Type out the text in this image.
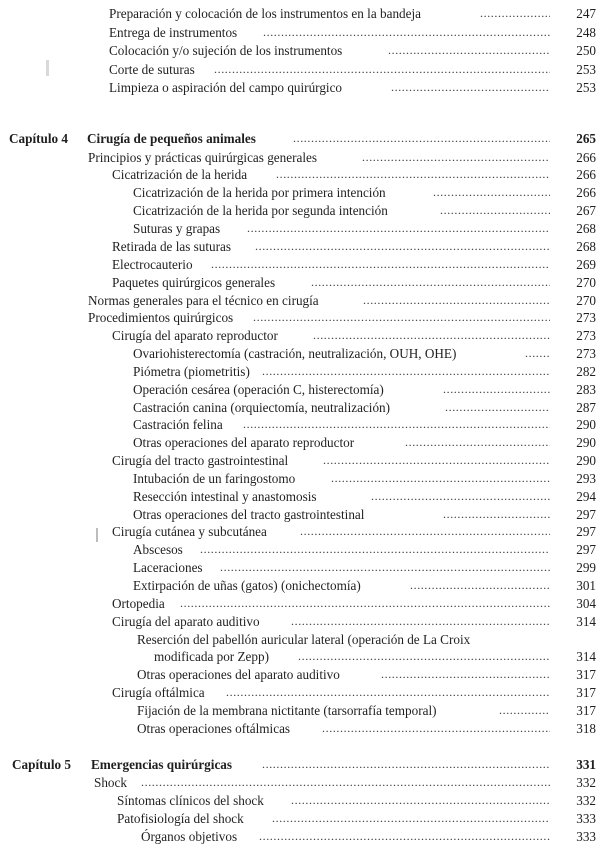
Preparación y colocación de los instrumentos en la bandeja .....	247
Entrega de instrumentos .....	248
Colocación y/o sujeción de los instrumentos .....	250
Corte de suturas .....	253
Limpieza o aspiración del campo quirúrgico .....	253
Capítulo 4 Cirugía de pequeños animales .....	265
Principios y prácticas quirúrgicas generales .....	266
Cicatrización de la herida .....	266
Cicatrización de la herida por primera intención .....	266
Cicatrización de la herida por segunda intención .....	267
Suturas y grapas .....	268
Retirada de las suturas .....	268
Electrocauterio .....	269
Paquetes quirúrgicos generales .....	270
Normas generales para el técnico en cirugía .....	270
Procedimientos quirúrgicos .....	273
Cirugía del aparato reproductor .....	273
Ovariohisterectomía (castración, neutralización, OUH, OHE) .....	273
Piómetra (piometritis) .....	282
Operación cesárea (operación C, histerectomía) .....	283
Castración canina (orquiectomía, neutralización) .....	287
Castración felina .....	290
Otras operaciones del aparato reproductor .....	290
Cirugía del tracto gastrointestinal .....	290
Intubación de un faringostomo .....	293
Resección intestinal y anastomosis .....	294
Otras operaciones del tracto gastrointestinal .....	297
Cirugía cutánea y subcutánea .....	297
Abscesos .....	297
Laceraciones .....	299
Extirpación de uñas (gatos) (onichectomía) .....	301
Ortopedia .....	304
Cirugía del aparato auditivo .....	314
Reserción del pabellón auricular lateral (operación de La Croix
modificada por Zepp) .....	314
Otras operaciones del aparato auditivo .....	317
Cirugía oftálmica .....	317
Fijación de la membrana nictitante (tarsorrafía temporal) .....	317
Otras operaciones oftálmicas .....	318
Capítulo 5 Emergencias quirúrgicas .....	331
Shock .....	332
Síntomas clínicos del shock .....	332
Patofisiología del shock .....	333
Órganos objetivos .....	333
